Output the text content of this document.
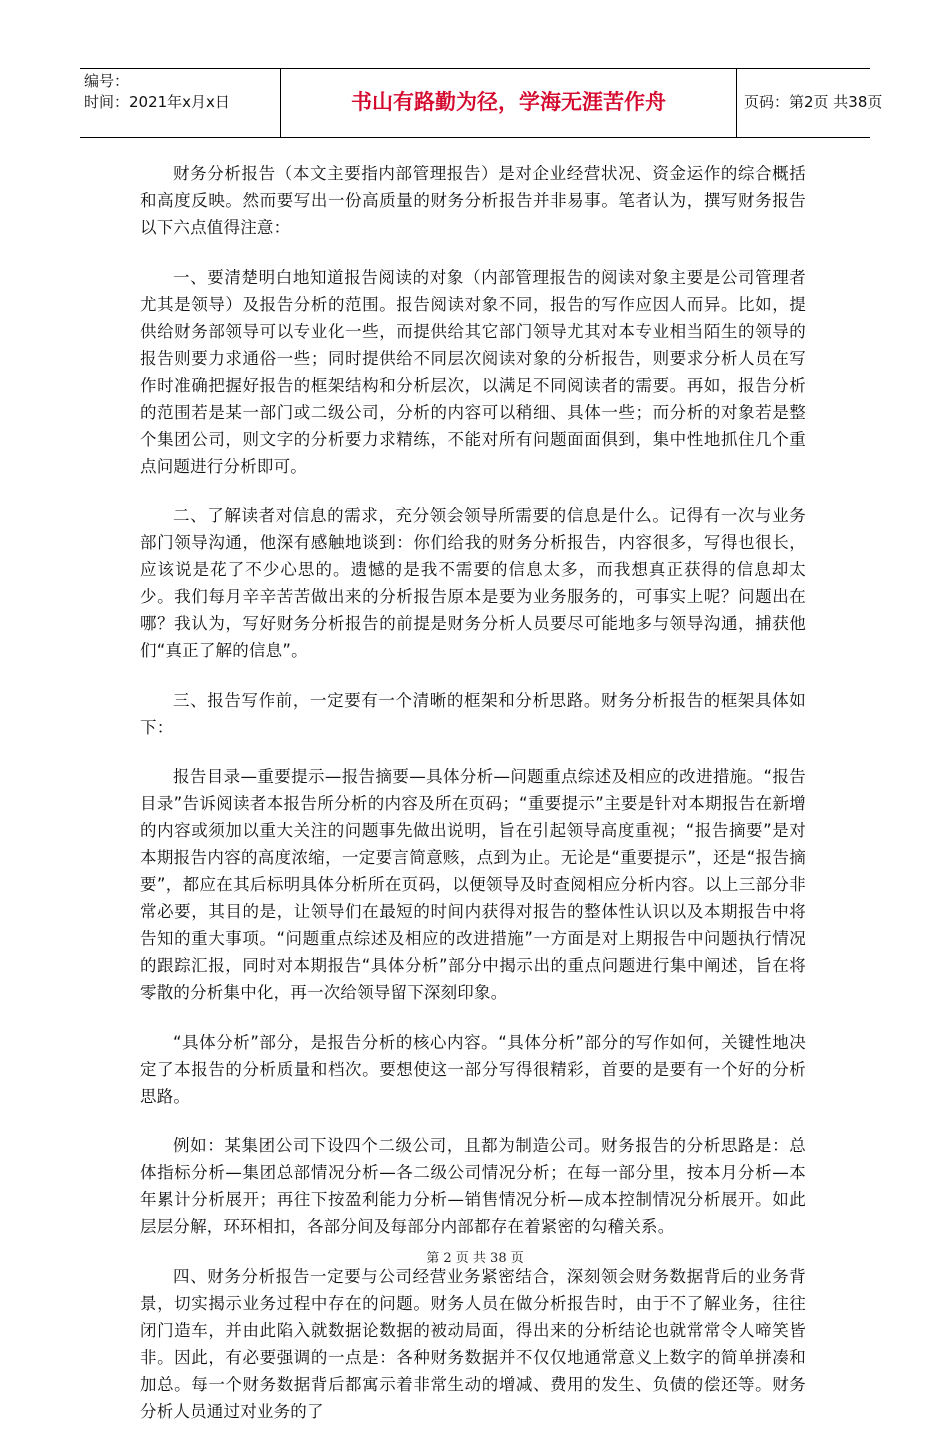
编号：
时间：2021年x月x日	书山有路勤为径，学海无涯苦作舟	页码：第2页 共38页

财务分析报告（本文主要指内部管理报告）是对企业经营状况、资金运作的综合概括和高度反映。然而要写出一份高质量的财务分析报告并非易事。笔者认为，撰写财务报告以下六点值得注意：

一、要清楚明白地知道报告阅读的对象（内部管理报告的阅读对象主要是公司管理者尤其是领导）及报告分析的范围。报告阅读对象不同，报告的写作应因人而异。比如，提供给财务部领导可以专业化一些，而提供给其它部门领导尤其对本专业相当陌生的领导的报告则要力求通俗一些；同时提供给不同层次阅读对象的分析报告，则要求分析人员在写作时准确把握好报告的框架结构和分析层次，以满足不同阅读者的需要。再如，报告分析的范围若是某一部门或二级公司，分析的内容可以稍细、具体一些；而分析的对象若是整个集团公司，则文字的分析要力求精练，不能对所有问题面面俱到，集中性地抓住几个重点问题进行分析即可。

二、了解读者对信息的需求，充分领会领导所需要的信息是什么。记得有一次与业务部门领导沟通，他深有感触地谈到：你们给我的财务分析报告，内容很多，写得也很长，应该说是花了不少心思的。遗憾的是我不需要的信息太多，而我想真正获得的信息却太少。我们每月辛辛苦苦做出来的分析报告原本是要为业务服务的，可事实上呢？问题出在哪？我认为，写好财务分析报告的前提是财务分析人员要尽可能地多与领导沟通，捕获他们“真正了解的信息”。

三、报告写作前，一定要有一个清晰的框架和分析思路。财务分析报告的框架具体如下：

报告目录—重要提示—报告摘要—具体分析—问题重点综述及相应的改进措施。“报告目录”告诉阅读者本报告所分析的内容及所在页码；“重要提示”主要是针对本期报告在新增的内容或须加以重大关注的问题事先做出说明，旨在引起领导高度重视；“报告摘要”是对本期报告内容的高度浓缩，一定要言简意赅，点到为止。无论是“重要提示”，还是“报告摘要”，都应在其后标明具体分析所在页码，以便领导及时查阅相应分析内容。以上三部分非常必要，其目的是，让领导们在最短的时间内获得对报告的整体性认识以及本期报告中将告知的重大事项。“问题重点综述及相应的改进措施”一方面是对上期报告中问题执行情况的跟踪汇报，同时对本期报告“具体分析”部分中揭示出的重点问题进行集中阐述，旨在将零散的分析集中化，再一次给领导留下深刻印象。

“具体分析”部分，是报告分析的核心内容。“具体分析”部分的写作如何，关键性地决定了本报告的分析质量和档次。要想使这一部分写得很精彩，首要的是要有一个好的分析思路。

例如：某集团公司下设四个二级公司，且都为制造公司。财务报告的分析思路是：总体指标分析—集团总部情况分析—各二级公司情况分析；在每一部分里，按本月分析—本年累计分析展开；再往下按盈利能力分析—销售情况分析—成本控制情况分析展开。如此层层分解，环环相扣，各部分间及每部分内部都存在着紧密的勾稽关系。

四、财务分析报告一定要与公司经营业务紧密结合，深刻领会财务数据背后的业务背景，切实揭示业务过程中存在的问题。财务人员在做分析报告时，由于不了解业务，往往闭门造车，并由此陷入就数据论数据的被动局面，得出来的分析结论也就常常令人啼笑皆非。因此，有必要强调的一点是：各种财务数据并不仅仅地通常意义上数字的简单拼凑和加总。每一个财务数据背后都寓示着非常生动的增减、费用的发生、负债的偿还等。财务分析人员通过对业务的了

第 2 页 共 38 页
